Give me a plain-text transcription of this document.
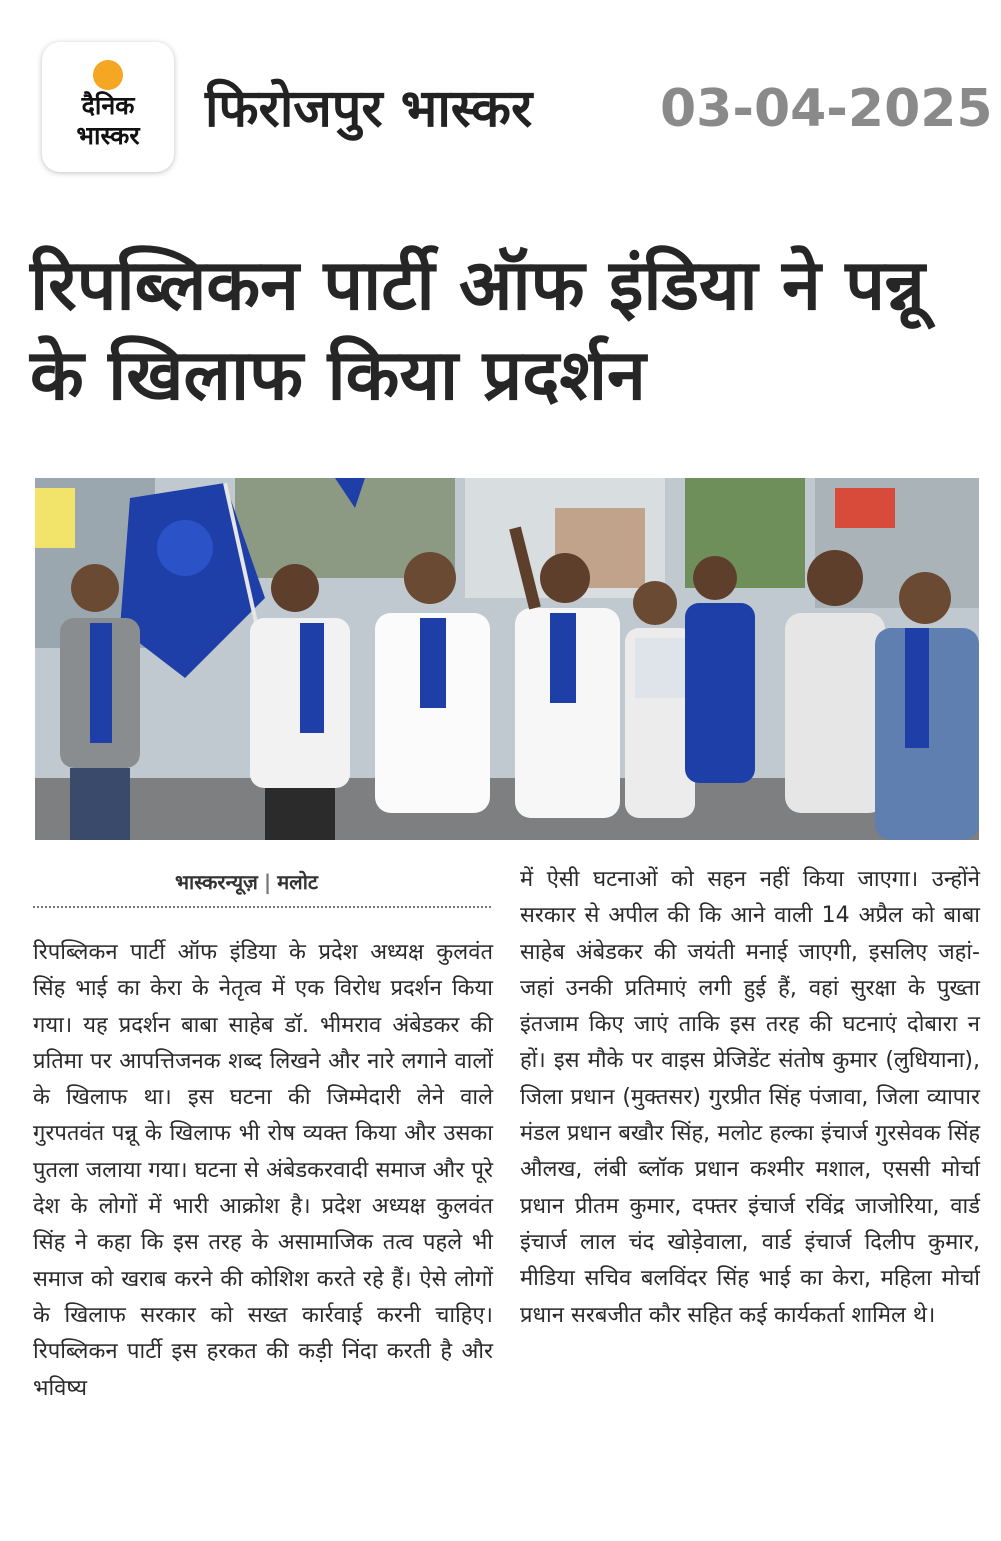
दैनिक
भास्कर	फिरोजपुर भास्कर 03-04-2025
रिपब्लिकन पार्टी ऑफ इंडिया ने पन्नू के खिलाफ किया प्रदर्शन
भास्करन्यूज़ | मलोट
रिपब्लिकन पार्टी ऑफ इंडिया के प्रदेश अध्यक्ष कुलवंत सिंह भाई का केरा के नेतृत्व में एक विरोध प्रदर्शन किया गया। यह प्रदर्शन बाबा साहेब डॉ. भीमराव अंबेडकर की प्रतिमा पर आपत्तिजनक शब्द लिखने और नारे लगाने वालों के खिलाफ था। इस घटना की जिम्मेदारी लेने वाले गुरपतवंत पन्नू के खिलाफ भी रोष व्यक्त किया और उसका पुतला जलाया गया। घटना से अंबेडकरवादी समाज और पूरे देश के लोगों में भारी आक्रोश है। प्रदेश अध्यक्ष कुलवंत सिंह ने कहा कि इस तरह के असामाजिक तत्व पहले भी समाज को खराब करने की कोशिश करते रहे हैं। ऐसे लोगों के खिलाफ सरकार को सख्त कार्रवाई करनी चाहिए। रिपब्लिकन पार्टी इस हरकत की कड़ी निंदा करती है और भविष्य
में ऐसी घटनाओं को सहन नहीं किया जाएगा। उन्होंने सरकार से अपील की कि आने वाली 14 अप्रैल को बाबा साहेब अंबेडकर की जयंती मनाई जाएगी, इसलिए जहां-जहां उनकी प्रतिमाएं लगी हुई हैं, वहां सुरक्षा के पुख्ता इंतजाम किए जाएं ताकि इस तरह की घटनाएं दोबारा न हों। इस मौके पर वाइस प्रेजिडेंट संतोष कुमार (लुधियाना), जिला प्रधान (मुक्तसर) गुरप्रीत सिंह पंजावा, जिला व्यापार मंडल प्रधान बखौर सिंह, मलोट हल्का इंचार्ज गुरसेवक सिंह औलख, लंबी ब्लॉक प्रधान कश्मीर मशाल, एससी मोर्चा प्रधान प्रीतम कुमार, दफ्तर इंचार्ज रविंद्र जाजोरिया, वार्ड इंचार्ज लाल चंद खोड़ेवाला, वार्ड इंचार्ज दिलीप कुमार, मीडिया सचिव बलविंदर सिंह भाई का केरा, महिला मोर्चा प्रधान सरबजीत कौर सहित कई कार्यकर्ता शामिल थे।
